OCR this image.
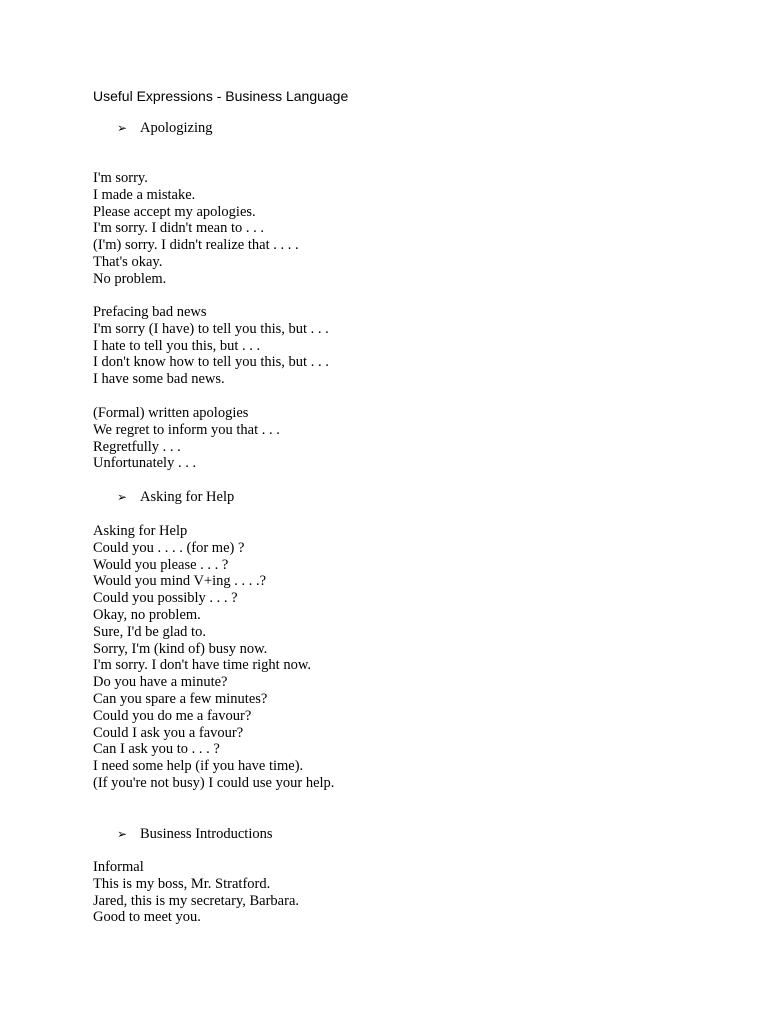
Useful Expressions - Business Language
➢ Apologizing
I'm sorry.
I made a mistake.
Please accept my apologies.
I'm sorry. I didn't mean to . . .
(I'm) sorry. I didn't realize that . . . .
That's okay.
No problem.
Prefacing bad news
I'm sorry (I have) to tell you this, but . . .
I hate to tell you this, but . . .
I don't know how to tell you this, but . . .
I have some bad news.
(Formal) written apologies
We regret to inform you that . . .
Regretfully . . .
Unfortunately . . .
➢ Asking for Help
Asking for Help
Could you . . . . (for me) ?
Would you please . . . ?
Would you mind V+ing . . . .?
Could you possibly . . . ?
Okay, no problem.
Sure, I'd be glad to.
Sorry, I'm (kind of) busy now.
I'm sorry. I don't have time right now.
Do you have a minute?
Can you spare a few minutes?
Could you do me a favour?
Could I ask you a favour?
Can I ask you to . . . ?
I need some help (if you have time).
(If you're not busy) I could use your help.
➢ Business Introductions
Informal
This is my boss, Mr. Stratford.
Jared, this is my secretary, Barbara.
Good to meet you.
